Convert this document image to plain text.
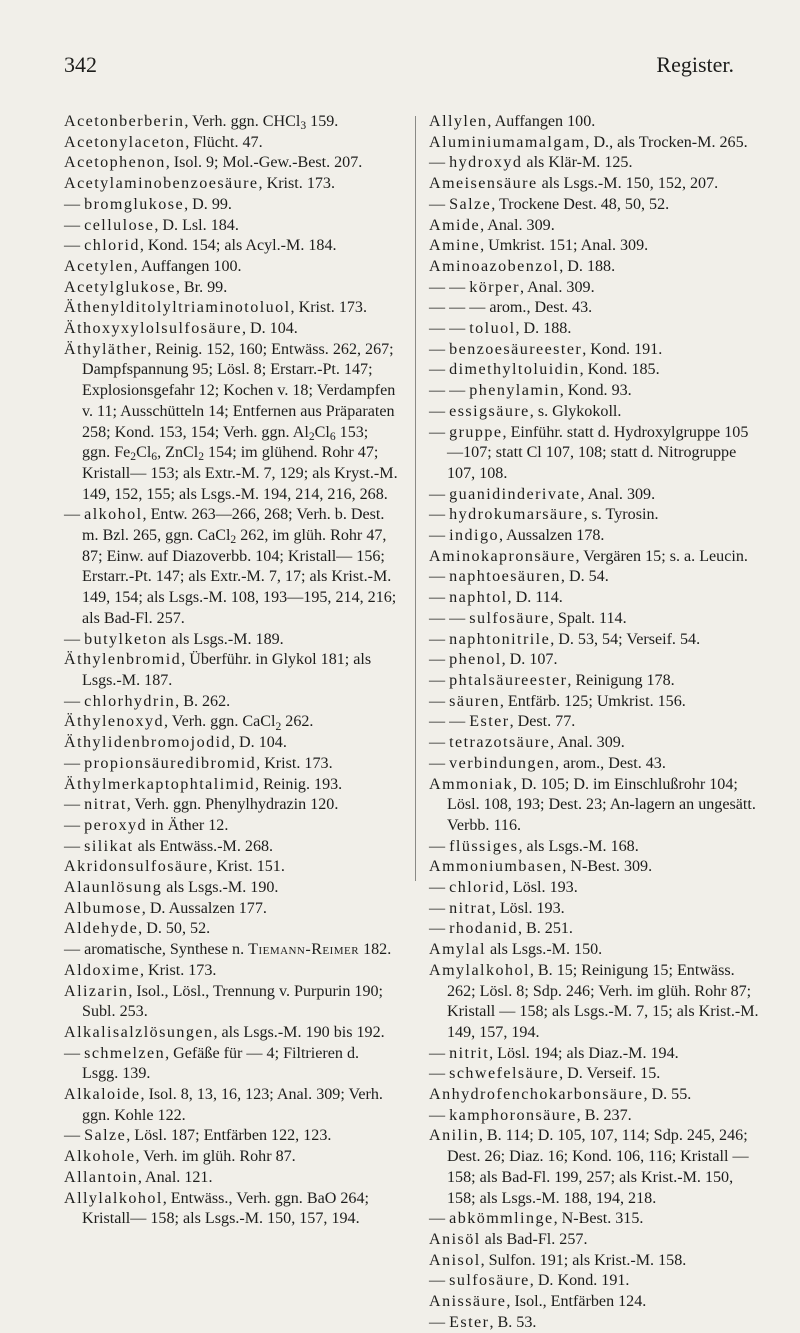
342	Register.

Acetonberberin, Verh. ggn. CHCl$_3$ 159.

Acetonylaceton, Flücht. 47.

Acetophenon, Isol. 9; Mol.-Gew.-Best. 207.

Acetylaminobenzoesäure, Krist. 173.

— bromglukose, D. 99.

— cellulose, D. Lsl. 184.

— chlorid, Kond. 154; als Acyl.-M. 184.

Acetylen, Auffangen 100.

Acetylglukose, Br. 99.

Äthenylditolyltriaminotoluol, Krist. 173.

Äthoxyxylolsulfosäure, D. 104.

Äthyläther, Reinig. 152, 160; Entwäss. 262, 267; Dampfspannung 95; Lösl. 8; Erstarr.-Pt. 147; Explosionsgefahr 12; Kochen v. 18; Verdampfen v. 11; Ausschütteln 14; Entfernen aus Präparaten 258; Kond. 153, 154; Verh. ggn. $Al_2Cl_6$ 153; ggn. $Fe_2Cl_6$, ZnCl$_2$ 154; im glühend. Rohr 47; Kristall— 153; als Extr.-M. 7, 129; als Kryst.-M. 149, 152, 155; als Lsgs.-M. 194, 214, 216, 268.

— alkohol, Entw. 263—266, 268; Verh. b. Dest. m. Bzl. 265, ggn. CaCl$_2$ 262, im glüh. Rohr 47, 87; Einw. auf Diazoverbb. 104; Kristall— 156; Erstarr.-Pt. 147; als Extr.-M. 7, 17; als Krist.-M. 149, 154; als Lsgs.-M. 108, 193—195, 214, 216; als Bad-Fl. 257.

— butylketon als Lsgs.-M. 189.

Äthylenbromid, Überführ. in Glykol 181; als Lsgs.-M. 187.

— chlorhydrin, B. 262.

Äthylenoxyd, Verh. ggn. CaCl$_2$ 262.

Äthylidenbromojodid, D. 104.

— propionsäuredibromid, Krist. 173.

Äthylmerkaptophtalimid, Reinig. 193.

— nitrat, Verh. ggn. Phenylhydrazin 120.

— peroxyd in Äther 12.

— silikat als Entwäss.-M. 268.

Akridonsulfosäure, Krist. 151.

Alaunlösung als Lsgs.-M. 190.

Albumose, D. Aussalzen 177.

Aldehyde, D. 50, 52.

— aromatische, Synthese n. Tiemann-Reimer 182.

Aldoxime, Krist. 173.

Alizarin, Isol., Lösl., Trennung v. Purpurin 190; Subl. 253.

Alkalisalzlösungen, als Lsgs.-M. 190 bis 192.

— schmelzen, Gefäße für — 4; Filtrieren d. Lsgg. 139.

Alkaloide, Isol. 8, 13, 16, 123; Anal. 309; Verh. ggn. Kohle 122.

— Salze, Lösl. 187; Entfärben 122, 123.

Alkohole, Verh. im glüh. Rohr 87.

Allantoin, Anal. 121.

Allylalkohol, Entwäss., Verh. ggn. BaO 264; Kristall— 158; als Lsgs.-M. 150, 157, 194.

Allylen, Auffangen 100.

Aluminiumamalgam, D., als Trocken-M. 265.

— hydroxyd als Klär-M. 125.

Ameisensäure als Lsgs.-M. 150, 152, 207.

— Salze, Trockene Dest. 48, 50, 52.

Amide, Anal. 309.

Amine, Umkrist. 151; Anal. 309.

Aminoazobenzol, D. 188.

— — körper, Anal. 309.

— — — arom., Dest. 43.

— — toluol, D. 188.

— benzoesäureester, Kond. 191.

— dimethyltoluidin, Kond. 185.

— — phenylamin, Kond. 93.

— essigsäure, s. Glykokoll.

— gruppe, Einführ. statt d. Hydroxylgruppe 105—107; statt Cl 107, 108; statt d. Nitrogruppe 107, 108.

— guanidinderivate, Anal. 309.

— hydrokumarsäure, s. Tyrosin.

— indigo, Aussalzen 178.

Aminokapronsäure, Vergären 15; s. a. Leucin.

— naphtoesäuren, D. 54.

— naphtol, D. 114.

— — sulfosäure, Spalt. 114.

— naphtonitrile, D. 53, 54; Verseif. 54.

— phenol, D. 107.

— phtalsäureester, Reinigung 178.

— säuren, Entfärb. 125; Umkrist. 156.

— — Ester, Dest. 77.

— tetrazotsäure, Anal. 309.

— verbindungen, arom., Dest. 43.

Ammoniak, D. 105; D. im Einschlußrohr 104; Lösl. 108, 193; Dest. 23; An-lagern an ungesätt. Verbb. 116.

— flüssiges, als Lsgs.-M. 168.

Ammoniumbasen, N-Best. 309.

— chlorid, Lösl. 193.

— nitrat, Lösl. 193.

— rhodanid, B. 251.

Amylal als Lsgs.-M. 150.

Amylalkohol, B. 15; Reinigung 15; Entwäss. 262; Lösl. 8; Sdp. 246; Verh. im glüh. Rohr 87; Kristall — 158; als Lsgs.-M. 7, 15; als Krist.-M. 149, 157, 194.

— nitrit, Lösl. 194; als Diaz.-M. 194.

— schwefelsäure, D. Verseif. 15.

Anhydrofenchokarbonsäure, D. 55.

— kamphoronsäure, B. 237.

Anilin, B. 114; D. 105, 107, 114; Sdp. 245, 246; Dest. 26; Diaz. 16; Kond. 106, 116; Kristall — 158; als Bad-Fl. 199, 257; als Krist.-M. 150, 158; als Lsgs.-M. 188, 194, 218.

— abkömmlinge, N-Best. 315.

Anisöl als Bad-Fl. 257.

Anisol, Sulfon. 191; als Krist.-M. 158.

— sulfosäure, D. Kond. 191.

Anissäure, Isol., Entfärben 124.

— Ester, B. 53.
